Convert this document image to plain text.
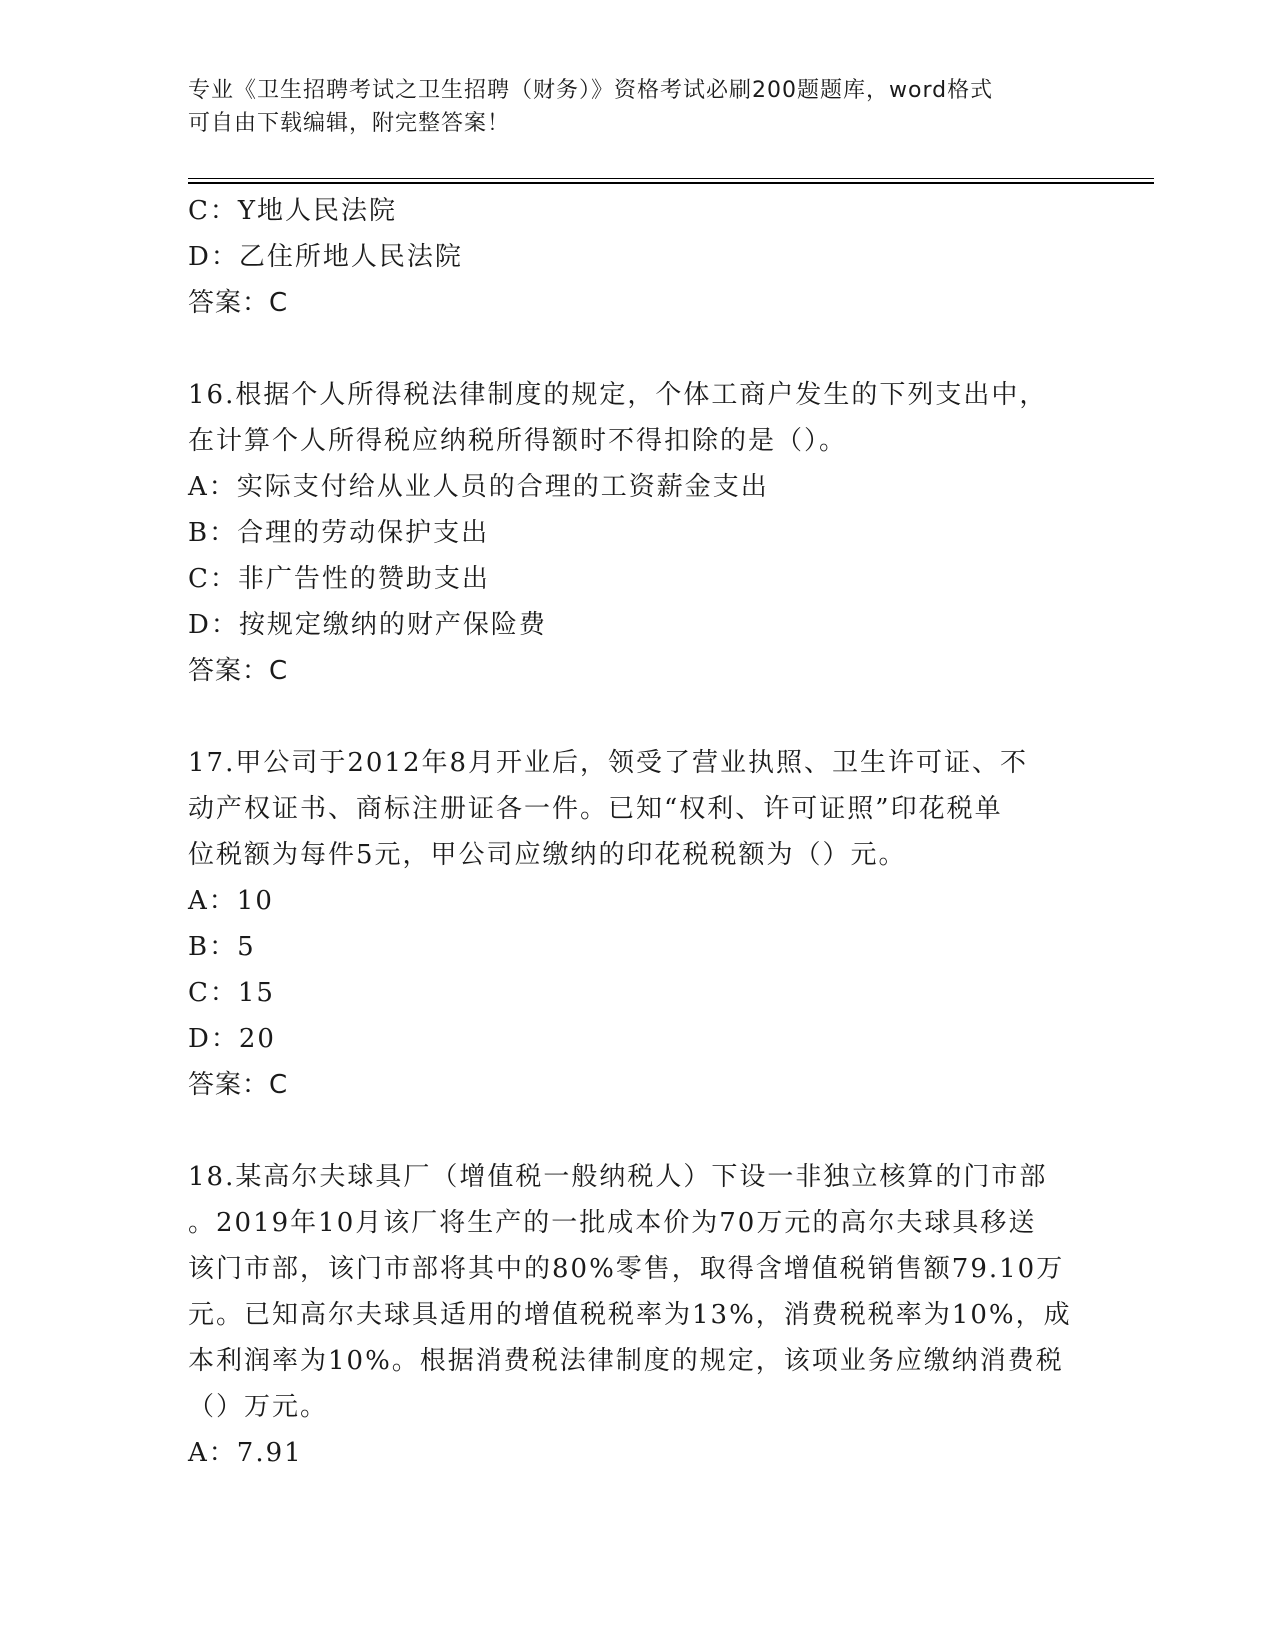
专业《卫生招聘考试之卫生招聘（财务）》资格考试必刷200题题库，word格式
可自由下载编辑，附完整答案！
C：Y地人民法院
D：乙住所地人民法院
答案：C
16.根据个人所得税法律制度的规定，个体工商户发生的下列支出中，
在计算个人所得税应纳税所得额时不得扣除的是（）。
A：实际支付给从业人员的合理的工资薪金支出
B：合理的劳动保护支出
C：非广告性的赞助支出
D：按规定缴纳的财产保险费
答案：C
17.甲公司于2012年8月开业后，领受了营业执照、卫生许可证、不
动产权证书、商标注册证各一件。已知“权利、许可证照”印花税单
位税额为每件5元，甲公司应缴纳的印花税税额为（）元。
A：10
B：5
C：15
D：20
答案：C
18.某高尔夫球具厂（增值税一般纳税人）下设一非独立核算的门市部
。2019年10月该厂将生产的一批成本价为70万元的高尔夫球具移送
该门市部，该门市部将其中的80%零售，取得含增值税销售额79.10万
元。已知高尔夫球具适用的增值税税率为13%，消费税税率为10%，成
本利润率为10%。根据消费税法律制度的规定，该项业务应缴纳消费税
（）万元。
A：7.91
